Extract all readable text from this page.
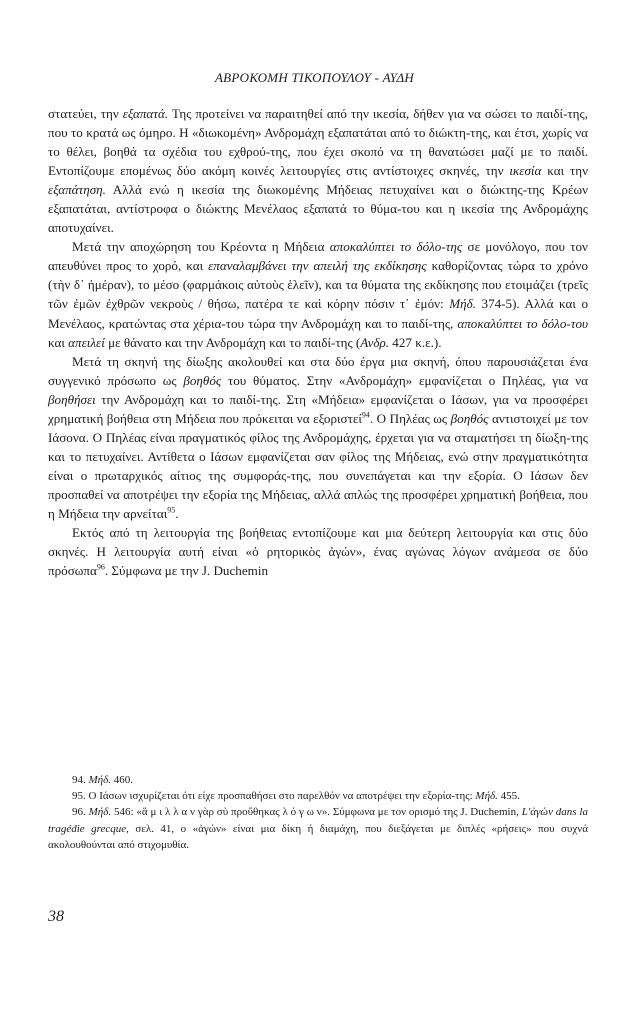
ΑΒΡΟΚΟΜΗ ΤΙΚΟΠΟΥΛΟΥ - ΑΥΔΗ

στατεύει, την εξαπατά. Της προτείνει να παραιτηθεί από την ικεσία, δήθεν για να σώσει το παιδί-της, που το κρατά ως όμηρο. Η «διωκομένη» Ανδρομάχη εξαπατάται από το διώκτη-της, και έτσι, χωρίς να το θέλει, βοηθά τα σχέδια του εχθρού-της, που έχει σκοπό να τη θανατώσει μαζί με το παιδί. Εντοπίζουμε επομένως δύο ακόμη κοινές λειτουργίες στις αντίστοιχες σκηνές, την ικεσία και την εξαπάτηση. Αλλά ενώ η ικεσία της διωκομένης Μήδειας πετυχαίνει και ο διώκτης-της Κρέων εξαπατάται, αντίστροφα ο διώκτης Μενέλαος εξαπατά το θύμα-του και η ικεσία της Ανδρομάχης αποτυχαίνει.

Μετά την αποχώρηση του Κρέοντα η Μήδεια αποκαλύπτει το δόλο-της σε μονόλογο, που τον απευθύνει προς το χορό, και επαναλαμβάνει την απειλή της εκδίκησης καθορίζοντας τώρα το χρόνο (τὴν δ᾽ ἡμέραν), το μέσο (φαρμάκοις αὐτοὺς ἑλεῖν), και τα θύματα της εκδίκησης που ετοιμάζει (τρεῖς τῶν ἐμῶν ἐχθρῶν νεκροὺς / θήσω, πατέρα τε καὶ κόρην πόσιν τ᾽ ἐμόν: Μήδ. 374-5). Αλλά και ο Μενέλαος, κρατώντας στα χέρια-του τώρα την Ανδρομάχη και το παιδί-της, αποκαλύπτει το δόλο-του και απειλεί με θάνατο και την Ανδρομάχη και το παιδί-της (Ανδρ. 427 κ.ε.).

Μετά τη σκηνή της δίωξης ακολουθεί και στα δύο έργα μια σκηνή, όπου παρουσιάζεται ένα συγγενικό πρόσωπο ως βοηθός του θύματος. Στην «Ανδρομάχη» εμφανίζεται ο Πηλέας, για να βοηθήσει την Ανδρομάχη και το παιδί-της. Στη «Μήδεια» εμφανίζεται ο Ιάσων, για να προσφέρει χρηματική βοήθεια στη Μήδεια που πρόκειται να εξοριστεί$^{94}$. Ο Πηλέας ως βοηθός αντιστοιχεί με τον Ιάσονα. Ο Πηλέας είναι πραγματικός φίλος της Ανδρομάχης, έρχεται για να σταματήσει τη δίωξη-της και το πετυχαίνει. Αντίθετα ο Ιάσων εμφανίζεται σαν φίλος της Μήδειας, ενώ στην πραγματικότητα είναι ο πρωταρχικός αίτιος της συμφοράς-της, που συνεπάγεται και την εξορία. Ο Ιάσων δεν προσπαθεί να αποτρέψει την εξορία της Μήδειας, αλλά απλώς της προσφέρει χρηματική βοήθεια, που η Μήδεια την αρνείται$^{95}$.

Εκτός από τη λειτουργία της βοήθειας εντοπίζουμε και μια δεύτερη λειτουργία και στις δύο σκηνές. Η λειτουργία αυτή είναι «ὁ ρητορικὸς ἀγών», ένας αγώνας λόγων ανάμεσα σε δύο πρόσωπα$^{96}$. Σύμφωνα με την J. Duchemin

94. Μήδ. 460.

95. Ο Ιάσων ισχυρίζεται ότι είχε προσπαθήσει στο παρελθόν να αποτρέψει την εξορία-της: Μήδ. 455.

96. Μήδ. 546: «ἅ μ ι λ λ α ν γὰρ σὺ προὔθηκας λ ό γ ω ν». Σύμφωνα με τον ορισμό της J. Duchemin, L'ἀγὼν dans la tragédie grecque, σελ. 41, ο «ἀγών» είναι μια δίκη ή διαμάχη, που διεξάγεται με διπλές «ρήσεις» που συχνά ακολουθούνται από στιχομυθία.

38
